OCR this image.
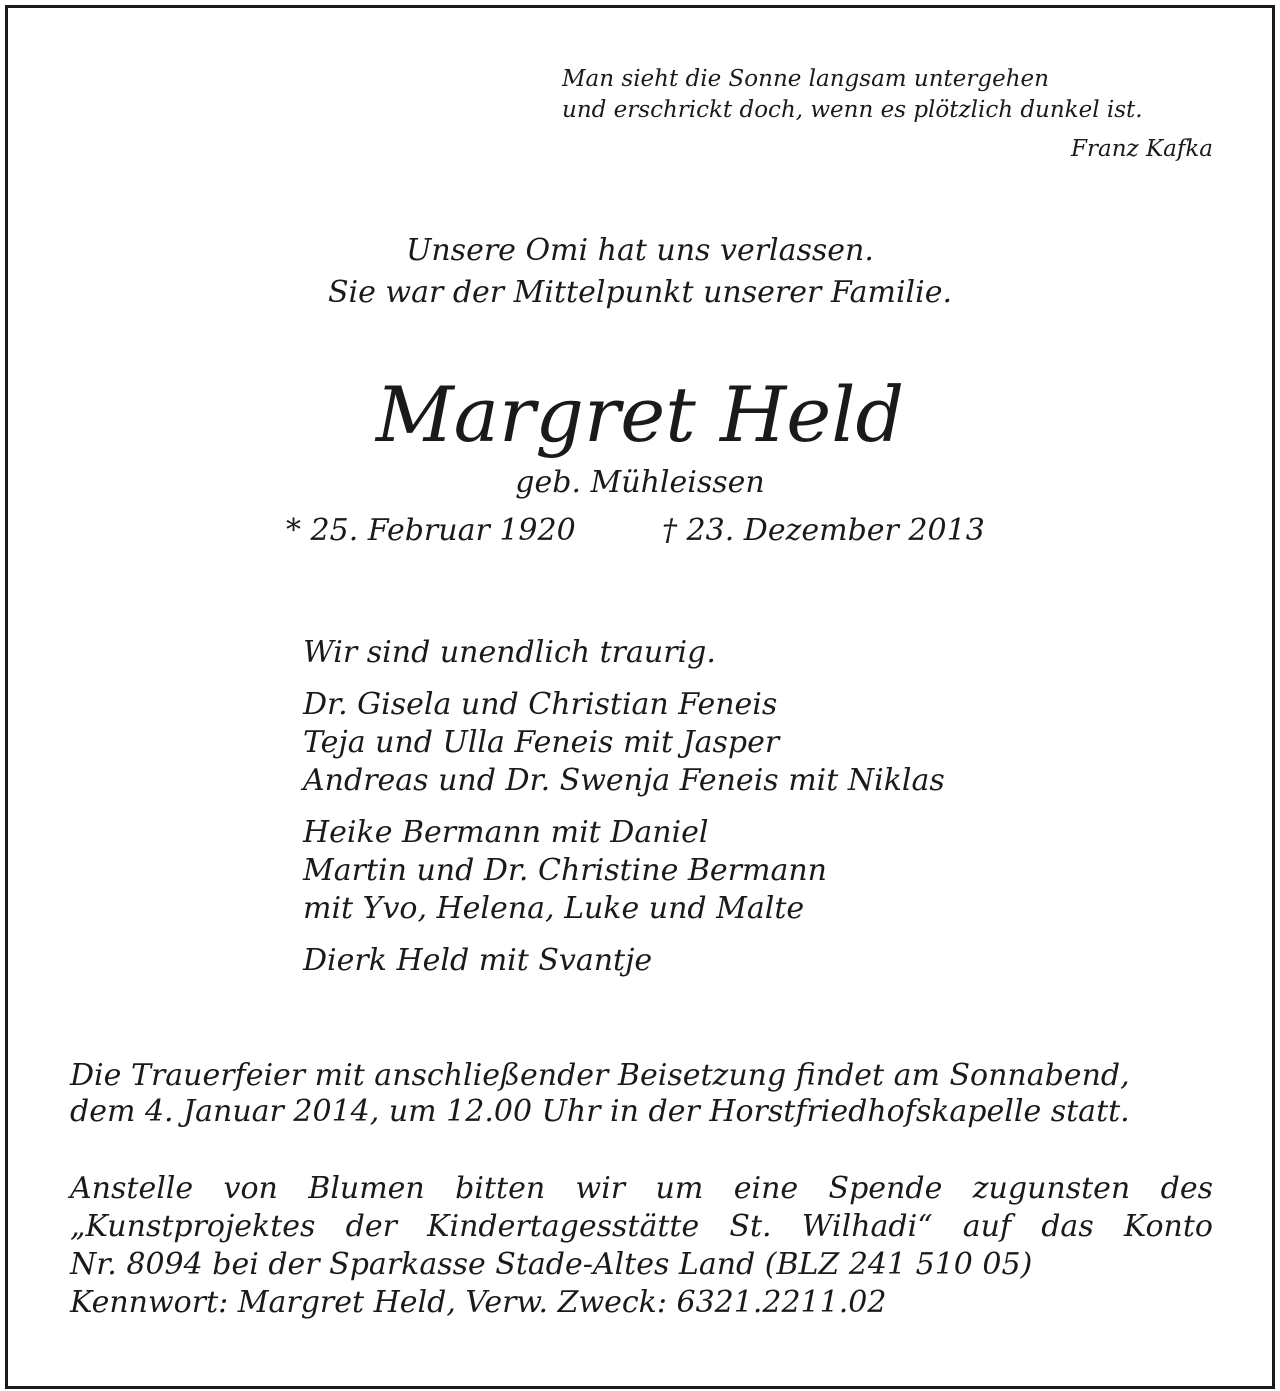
Man sieht die Sonne langsam untergehen
und erschrickt doch, wenn es plötzlich dunkel ist.
Franz Kafka
Unsere Omi hat uns verlassen.
Sie war der Mittelpunkt unserer Familie.
Margret Held
geb. Mühleissen
* 25. Februar 1920	† 23. Dezember 2013
Wir sind unendlich traurig.
Dr. Gisela und Christian Feneis
Teja und Ulla Feneis mit Jasper
Andreas und Dr. Swenja Feneis mit Niklas
Heike Bermann mit Daniel
Martin und Dr. Christine Bermann
mit Yvo, Helena, Luke und Malte
Dierk Held mit Svantje
Die Trauerfeier mit anschließender Beisetzung findet am Sonnabend,
dem 4. Januar 2014, um 12.00 Uhr in der Horstfriedhofskapelle statt.
Anstelle von Blumen bitten wir um eine Spende zugunsten des
„Kunstprojektes der Kindertagesstätte St. Wilhadi“ auf das Konto
Nr. 8094 bei der Sparkasse Stade-Altes Land (BLZ 241 510 05)
Kennwort: Margret Held, Verw. Zweck: 6321.2211.02
